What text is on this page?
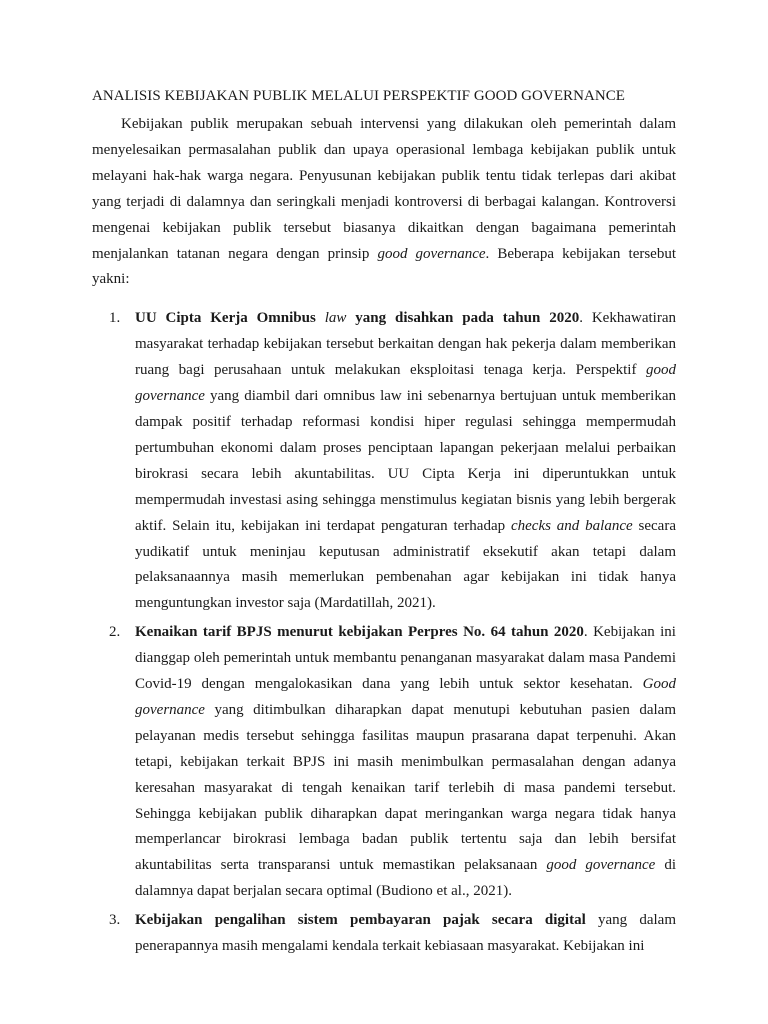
ANALISIS KEBIJAKAN PUBLIK MELALUI PERSPEKTIF GOOD GOVERNANCE

Kebijakan publik merupakan sebuah intervensi yang dilakukan oleh pemerintah dalam menyelesaikan permasalahan publik dan upaya operasional lembaga kebijakan publik untuk melayani hak-hak warga negara. Penyusunan kebijakan publik tentu tidak terlepas dari akibat yang terjadi di dalamnya dan seringkali menjadi kontroversi di berbagai kalangan. Kontroversi mengenai kebijakan publik tersebut biasanya dikaitkan dengan bagaimana pemerintah menjalankan tatanan negara dengan prinsip good governance. Beberapa kebijakan tersebut yakni:

1. UU Cipta Kerja Omnibus law yang disahkan pada tahun 2020. Kekhawatiran masyarakat terhadap kebijakan tersebut berkaitan dengan hak pekerja dalam memberikan ruang bagi perusahaan untuk melakukan eksploitasi tenaga kerja. Perspektif good governance yang diambil dari omnibus law ini sebenarnya bertujuan untuk memberikan dampak positif terhadap reformasi kondisi hiper regulasi sehingga mempermudah pertumbuhan ekonomi dalam proses penciptaan lapangan pekerjaan melalui perbaikan birokrasi secara lebih akuntabilitas. UU Cipta Kerja ini diperuntukkan untuk mempermudah investasi asing sehingga menstimulus kegiatan bisnis yang lebih bergerak aktif. Selain itu, kebijakan ini terdapat pengaturan terhadap checks and balance secara yudikatif untuk meninjau keputusan administratif eksekutif akan tetapi dalam pelaksanaannya masih memerlukan pembenahan agar kebijakan ini tidak hanya menguntungkan investor saja (Mardatillah, 2021).
2. Kenaikan tarif BPJS menurut kebijakan Perpres No. 64 tahun 2020. Kebijakan ini dianggap oleh pemerintah untuk membantu penanganan masyarakat dalam masa Pandemi Covid-19 dengan mengalokasikan dana yang lebih untuk sektor kesehatan. Good governance yang ditimbulkan diharapkan dapat menutupi kebutuhan pasien dalam pelayanan medis tersebut sehingga fasilitas maupun prasarana dapat terpenuhi. Akan tetapi, kebijakan terkait BPJS ini masih menimbulkan permasalahan dengan adanya keresahan masyarakat di tengah kenaikan tarif terlebih di masa pandemi tersebut. Sehingga kebijakan publik diharapkan dapat meringankan warga negara tidak hanya memperlancar birokrasi lembaga badan publik tertentu saja dan lebih bersifat akuntabilitas serta transparansi untuk memastikan pelaksanaan good governance di dalamnya dapat berjalan secara optimal (Budiono et al., 2021).
3. Kebijakan pengalihan sistem pembayaran pajak secara digital yang dalam penerapannya masih mengalami kendala terkait kebiasaan masyarakat. Kebijakan ini
